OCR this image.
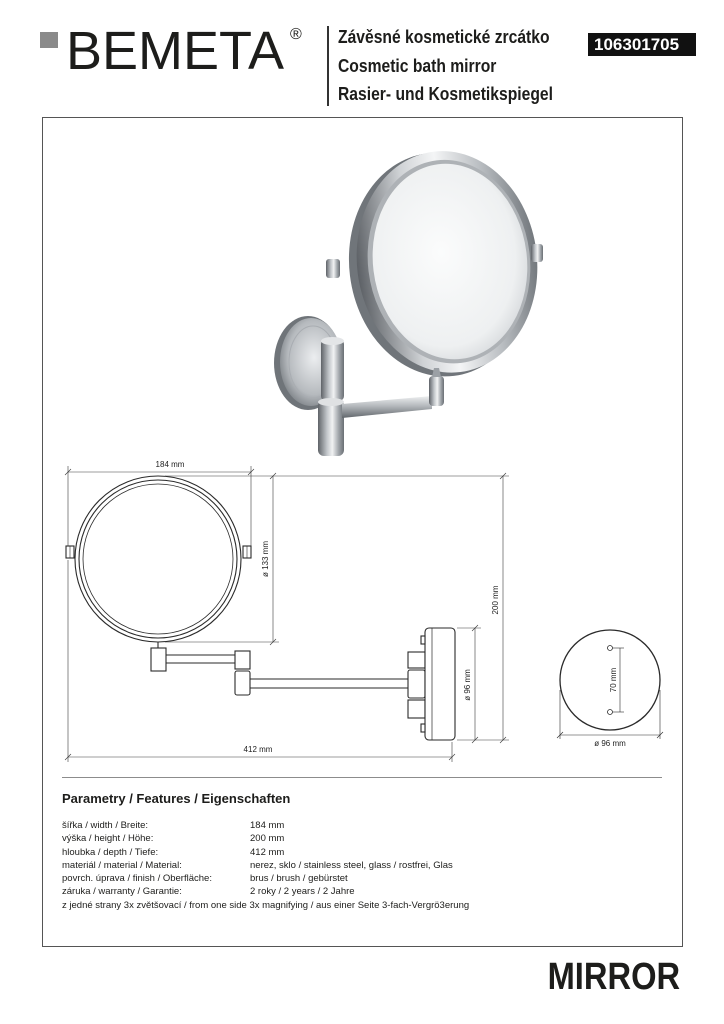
BEMETA ® Závěsné kosmetické zrcátko
Cosmetic bath mirror
Rasier- und Kosmetikspiegel
106301705
184 mm
ø 133 mm
200 mm
ø 96 mm
412 mm
70 mm
ø 96 mm
Parametry / Features / Eigenschaften
šířka / width / Breite:	184 mm
výška / height / Höhe:	200 mm
hloubka / depth / Tiefe:	412 mm
materiál / material / Material:	nerez, sklo / stainless steel, glass / rostfrei, Glas
povrch. úprava / finish / Oberfläche:	brus / brush / gebürstet
záruka / warranty / Garantie:	2 roky / 2 years / 2 Jahre
z jedné strany 3x zvětšovací / from one side 3x magnifying / aus einer Seite 3-fach-Vergrö3erung
MIRROR
